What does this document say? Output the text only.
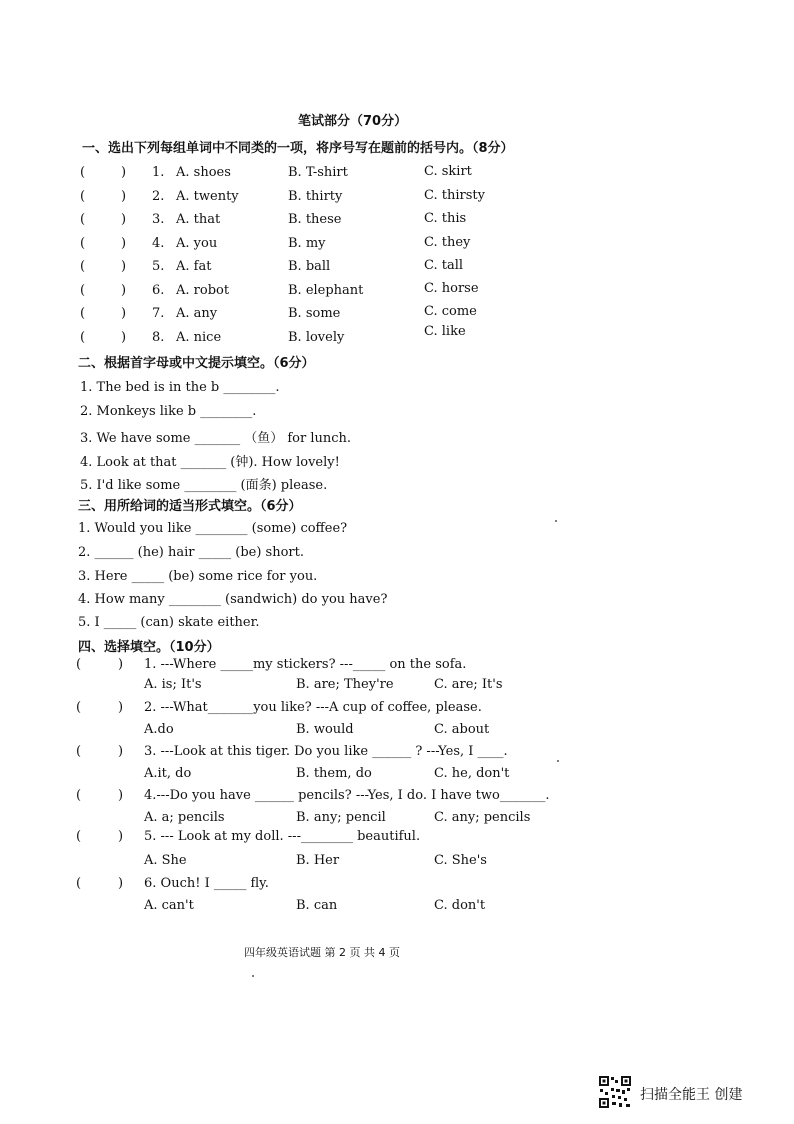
笔试部分（70分）
一、选出下列每组单词中不同类的一项，将序号写在题前的括号内。（8分）
(	) 1. A. shoes	B. T-shirt	C. skirt
(	) 2. A. twenty	B. thirty	C. thirsty
(	) 3. A. that	B. these	C. this
(	) 4. A. you	B. my	C. they
(	) 5. A. fat	B. ball	C. tall
(	) 6. A. robot	B. elephant	C. horse
(	) 7. A. any	B. some	C. come
(	) 8. A. nice	B. lovely	C. like
二、根据首字母或中文提示填空。（6分）
1. The bed is in the b ________.
2. Monkeys like b ________.
3. We have some _______ （鱼） for lunch.
4. Look at that _______ (钟). How lovely!
5. I'd like some ________ (面条) please.
三、用所给词的适当形式填空。（6分）
1. Would you like ________ (some) coffee?
2. ______ (he) hair _____ (be) short.
3. Here _____ (be) some rice for you.
4. How many ________ (sandwich) do you have?
5. I _____ (can) skate either.
四、选择填空。（10分）
(	) 1. ---Where _____my stickers? ---_____ on the sofa.
A. is; It's	B. are; They're	C. are; It's
(	) 2. ---What_______you like? ---A cup of coffee, please.
A.do	B. would	C. about
(	) 3. ---Look at this tiger. Do you like ______ ? ---Yes, I ____.
A.it, do	B. them, do	C. he, don't
(	) 4.---Do you have ______ pencils? ---Yes, I do. I have two_______.
A. a; pencils	B. any; pencil	C. any; pencils
(	) 5. --- Look at my doll. ---________ beautiful.
A. She	B. Her	C. She's
(	) 6. Ouch! I _____ fly.
A. can't	B. can	C. don't
四年级英语试题 第 2 页 共 4 页
扫描全能王 创建
